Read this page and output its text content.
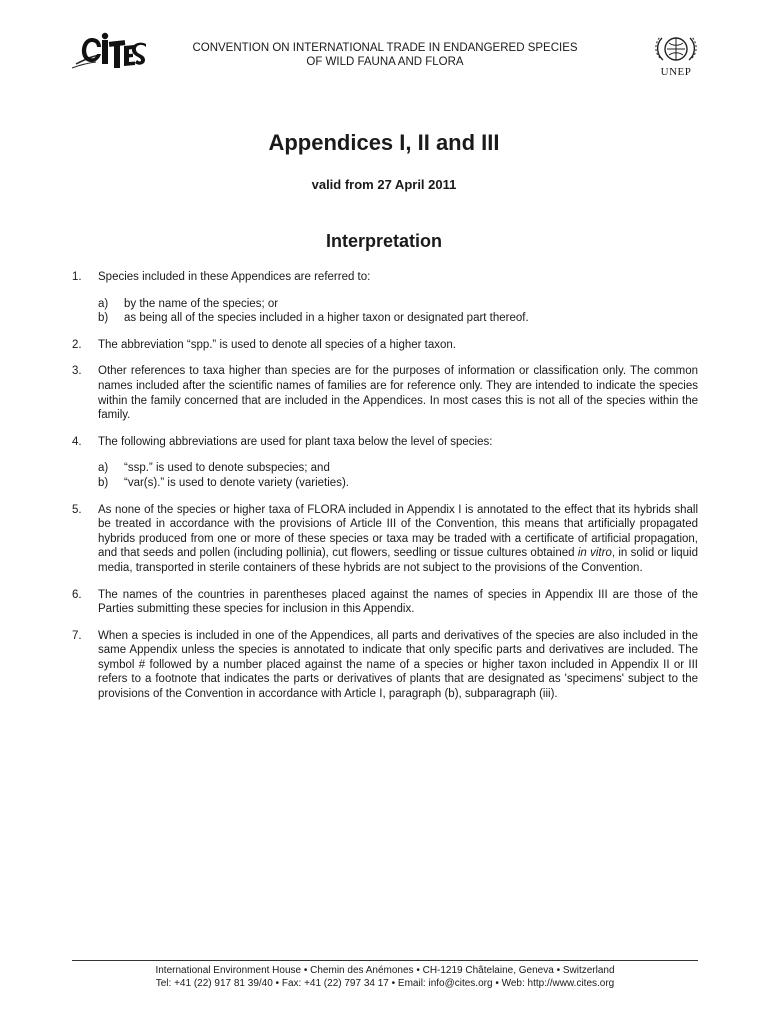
CONVENTION ON INTERNATIONAL TRADE IN ENDANGERED SPECIES
OF WILD FAUNA AND FLORA
UNEP
Appendices I, II and III
valid from 27 April 2011
Interpretation
1. Species included in these Appendices are referred to:
a) by the name of the species; or
b) as being all of the species included in a higher taxon or designated part thereof.
2. The abbreviation “spp.” is used to denote all species of a higher taxon.
3. Other references to taxa higher than species are for the purposes of information or classification only. The common names included after the scientific names of families are for reference only. They are intended to indicate the species within the family concerned that are included in the Appendices. In most cases this is not all of the species within the family.
4. The following abbreviations are used for plant taxa below the level of species:
a) “ssp.” is used to denote subspecies; and
b) “var(s).” is used to denote variety (varieties).
5. As none of the species or higher taxa of FLORA included in Appendix I is annotated to the effect that its hybrids shall be treated in accordance with the provisions of Article III of the Convention, this means that artificially propagated hybrids produced from one or more of these species or taxa may be traded with a certificate of artificial propagation, and that seeds and pollen (including pollinia), cut flowers, seedling or tissue cultures obtained in vitro, in solid or liquid media, transported in sterile containers of these hybrids are not subject to the provisions of the Convention.
6. The names of the countries in parentheses placed against the names of species in Appendix III are those of the Parties submitting these species for inclusion in this Appendix.
7. When a species is included in one of the Appendices, all parts and derivatives of the species are also included in the same Appendix unless the species is annotated to indicate that only specific parts and derivatives are included. The symbol # followed by a number placed against the name of a species or higher taxon included in Appendix II or III refers to a footnote that indicates the parts or derivatives of plants that are designated as 'specimens' subject to the provisions of the Convention in accordance with Article I, paragraph (b), subparagraph (iii).
International Environment House • Chemin des Anémones • CH-1219 Châtelaine, Geneva • Switzerland
Tel: +41 (22) 917 81 39/40 • Fax: +41 (22) 797 34 17 • Email: info@cites.org • Web: http://www.cites.org
